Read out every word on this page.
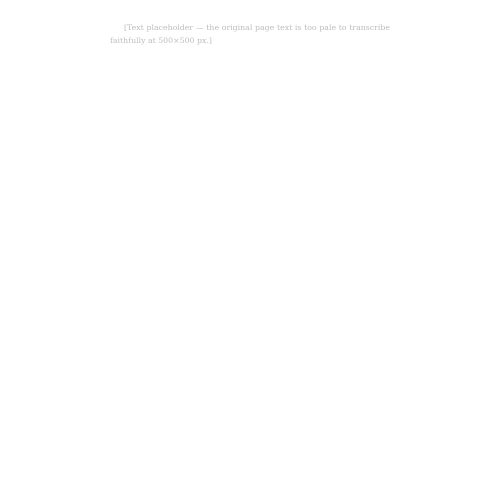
[Text placeholder — the original page text is too pale to transcribe faithfully at 500×500 px.]
